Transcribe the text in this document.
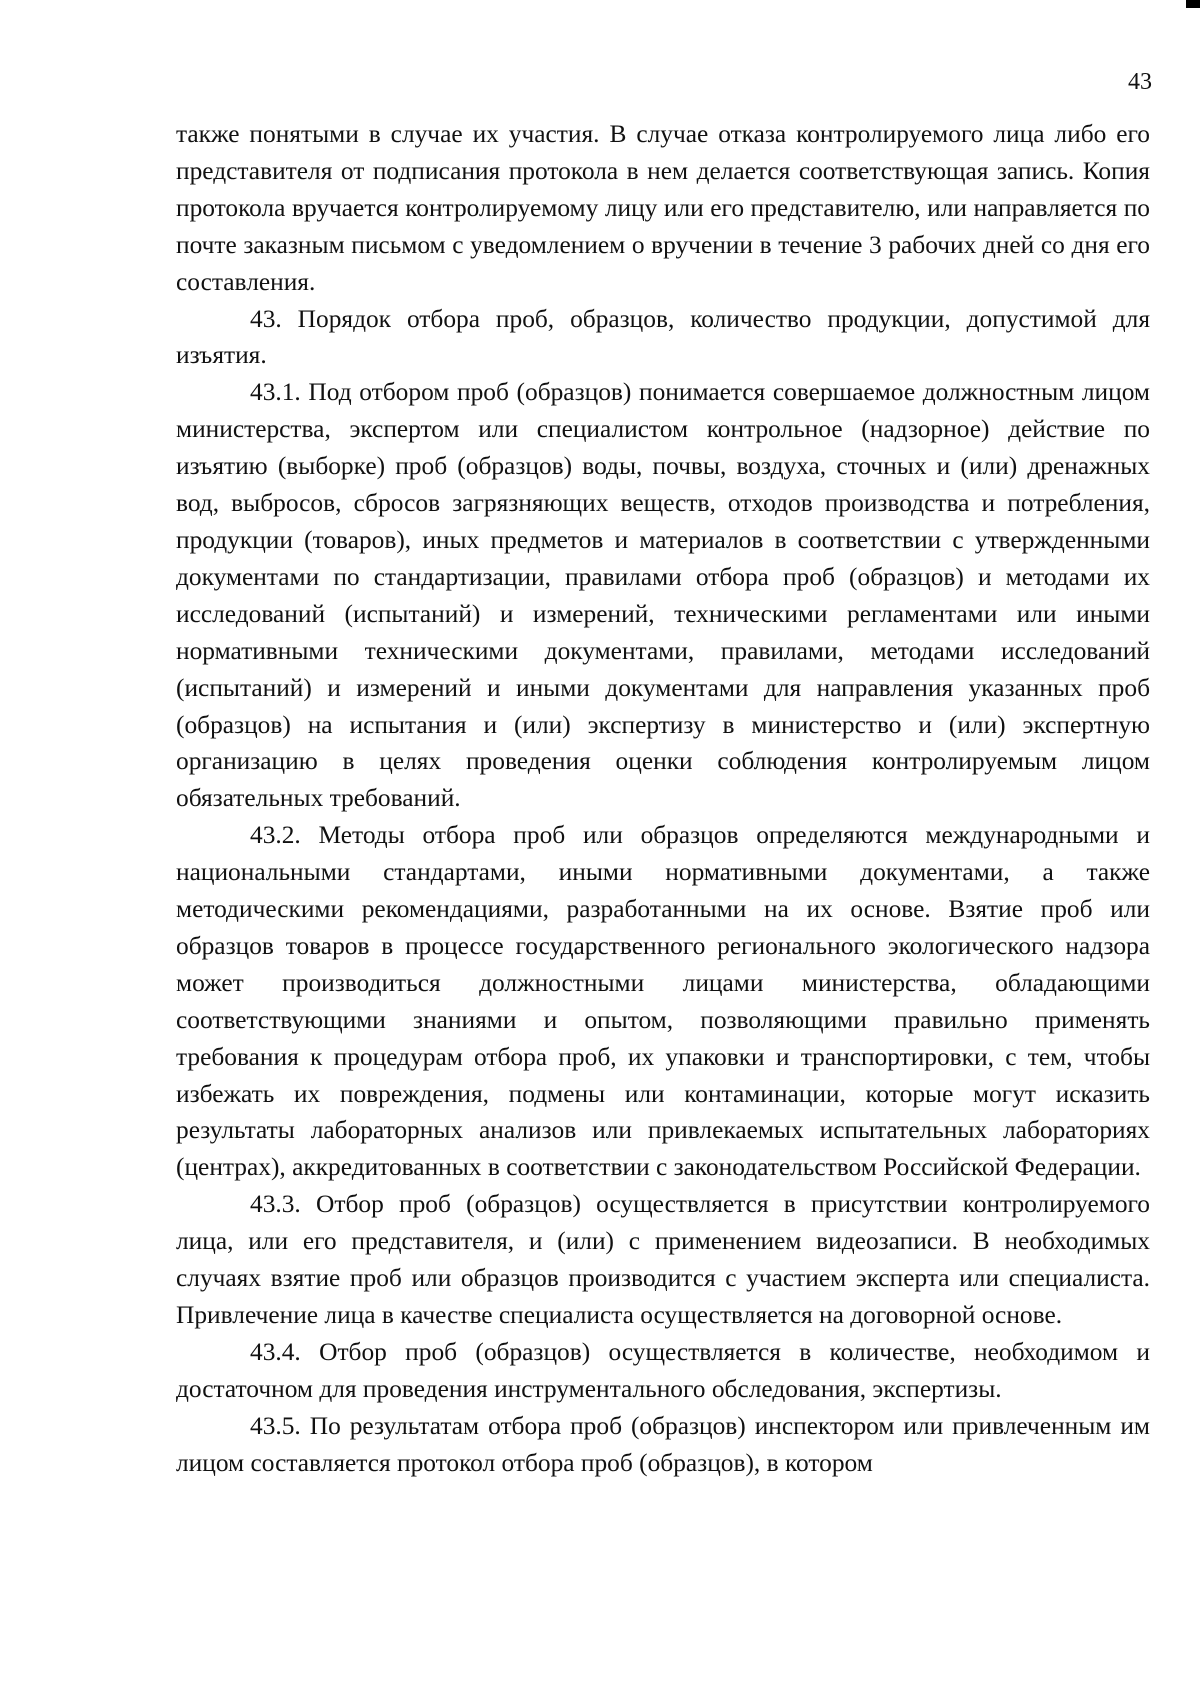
43

также понятыми в случае их участия. В случае отказа контролируемого лица либо его представителя от подписания протокола в нем делается соответствующая запись. Копия протокола вручается контролируемому лицу или его представителю, или направляется по почте заказным письмом с уведомлением о вручении в течение 3 рабочих дней со дня его составления.

43. Порядок отбора проб, образцов, количество продукции, допустимой для изъятия.

43.1. Под отбором проб (образцов) понимается совершаемое должностным лицом министерства, экспертом или специалистом контрольное (надзорное) действие по изъятию (выборке) проб (образцов) воды, почвы, воздуха, сточных и (или) дренажных вод, выбросов, сбросов загрязняющих веществ, отходов производства и потребления, продукции (товаров), иных предметов и материалов в соответствии с утвержденными документами по стандартизации, правилами отбора проб (образцов) и методами их исследований (испытаний) и измерений, техническими регламентами или иными нормативными техническими документами, правилами, методами исследований (испытаний) и измерений и иными документами для направления указанных проб (образцов) на испытания и (или) экспертизу в министерство и (или) экспертную организацию в целях проведения оценки соблюдения контролируемым лицом обязательных требований.

43.2. Методы отбора проб или образцов определяются международными и национальными стандартами, иными нормативными документами, а также методическими рекомендациями, разработанными на их основе. Взятие проб или образцов товаров в процессе государственного регионального экологического надзора может производиться должностными лицами министерства, обладающими соответствующими знаниями и опытом, позволяющими правильно применять требования к процедурам отбора проб, их упаковки и транспортировки, с тем, чтобы избежать их повреждения, подмены или контаминации, которые могут исказить результаты лабораторных анализов или привлекаемых испытательных лабораториях (центрах), аккредитованных в соответствии с законодательством Российской Федерации.

43.3. Отбор проб (образцов) осуществляется в присутствии контролируемого лица, или его представителя, и (или) с применением видеозаписи. В необходимых случаях взятие проб или образцов производится с участием эксперта или специалиста. Привлечение лица в качестве специалиста осуществляется на договорной основе.

43.4. Отбор проб (образцов) осуществляется в количестве, необходимом и достаточном для проведения инструментального обследования, экспертизы.

43.5. По результатам отбора проб (образцов) инспектором или привлеченным им лицом составляется протокол отбора проб (образцов), в котором
